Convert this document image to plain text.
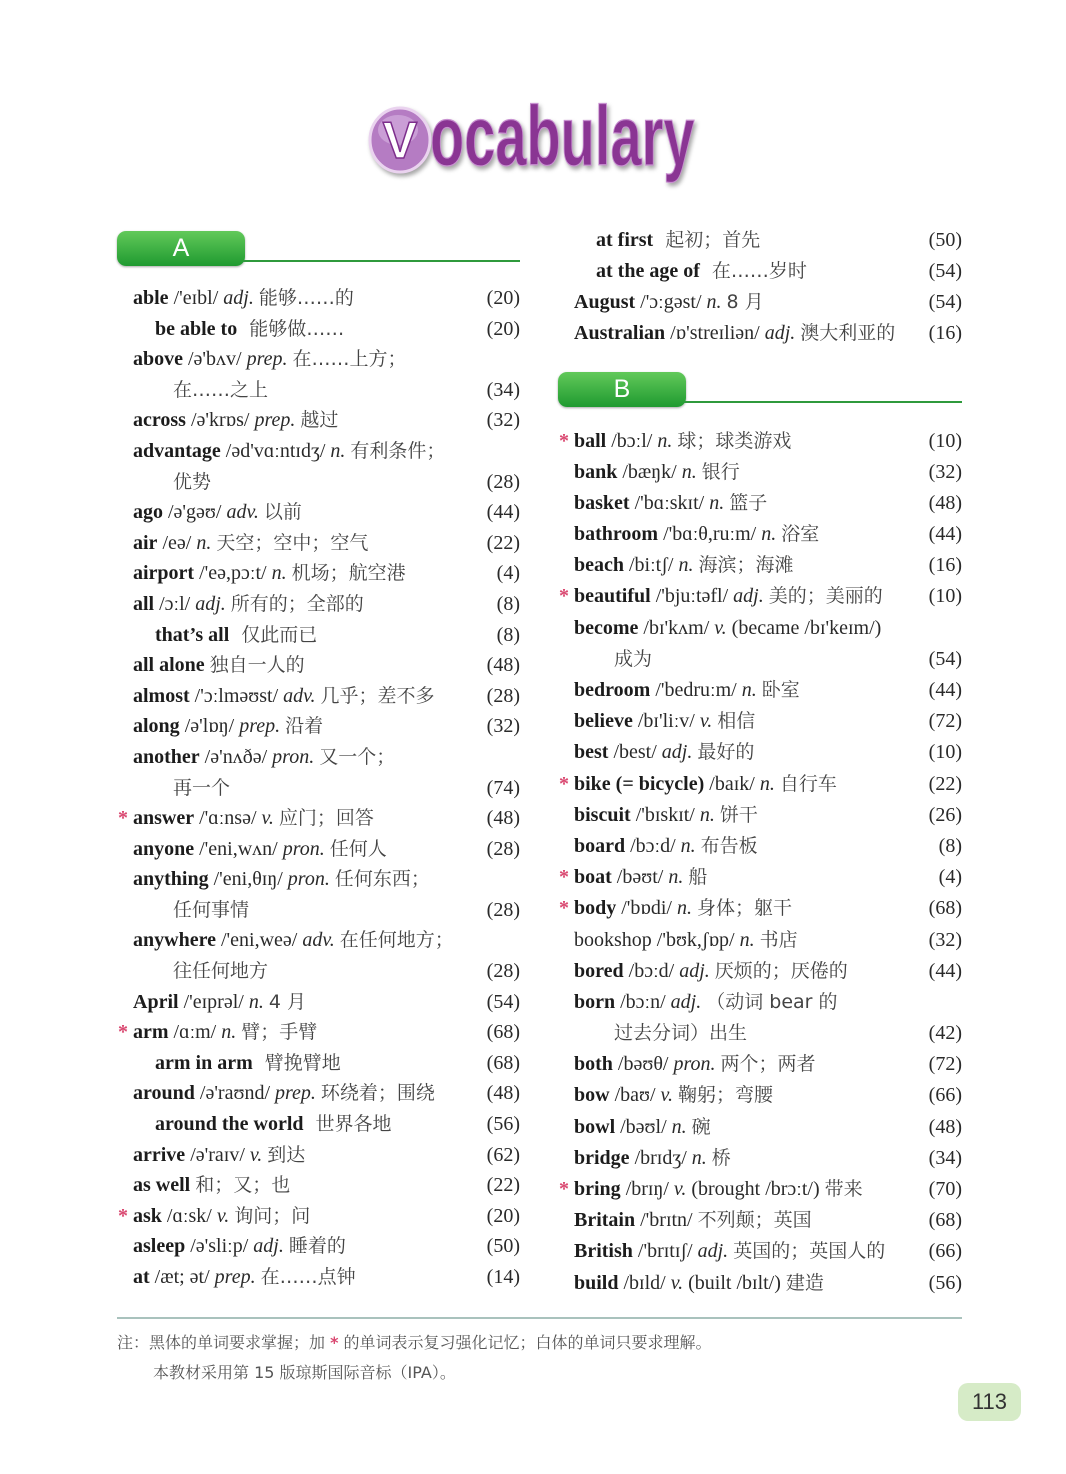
V ocabulary
A
able /'eɪbl/ adj. 能够……的	(20)
be able to 能够做……	(20)
above /ə'bʌv/ prep. 在……上方；
在……之上	(34)
across /ə'krɒs/ prep. 越过	(32)
advantage /əd'vɑːntɪdʒ/ n. 有利条件；
优势	(28)
ago /ə'gəʊ/ adv. 以前	(44)
air /eə/ n. 天空；空中；空气	(22)
airport /'eə,pɔːt/ n. 机场；航空港	(4)
all /ɔːl/ adj. 所有的；全部的	(8)
that’s all 仅此而已	(8)
all alone 独自一人的	(48)
almost /'ɔːlməʊst/ adv. 几乎；差不多	(28)
along /ə'lɒŋ/ prep. 沿着	(32)
another /ə'nʌðə/ pron. 又一个；
再一个	(74)
* answer /'ɑːnsə/ v. 应门；回答	(48)
anyone /'eni,wʌn/ pron. 任何人	(28)
anything /'eni,θɪŋ/ pron. 任何东西；
任何事情	(28)
anywhere /'eni,weə/ adv. 在任何地方；
往任何地方	(28)
April /'eɪprəl/ n. 4 月	(54)
* arm /ɑːm/ n. 臂；手臂	(68)
arm in arm 臂挽臂地	(68)
around /ə'raʊnd/ prep. 环绕着；围绕	(48)
around the world 世界各地	(56)
arrive /ə'raɪv/ v. 到达	(62)
as well 和；又；也	(22)
* ask /ɑːsk/ v. 询问；问	(20)
asleep /ə'sliːp/ adj. 睡着的	(50)
at /æt; ət/ prep. 在……点钟	(14)
at first 起初；首先	(50)
at the age of 在……岁时	(54)
August /'ɔːgəst/ n. 8 月	(54)
Australian /ɒ'streɪliən/ adj. 澳大利亚的 (16)
B
* ball /bɔːl/ n. 球；球类游戏	(10)
bank /bæŋk/ n. 银行	(32)
basket /'bɑːskɪt/ n. 篮子	(48)
bathroom /'bɑːθ,ruːm/ n. 浴室	(44)
beach /biːtʃ/ n. 海滨；海滩	(16)
* beautiful /'bjuːtəfl/ adj. 美的；美丽的 (10)
become /bɪ'kʌm/ v. (became /bɪ'keɪm/)
成为	(54)
bedroom /'bedruːm/ n. 卧室	(44)
believe /bɪ'liːv/ v. 相信	(72)
best /best/ adj. 最好的	(10)
* bike (= bicycle) /baɪk/ n. 自行车	(22)
biscuit /'bɪskɪt/ n. 饼干	(26)
board /bɔːd/ n. 布告板	(8)
* boat /bəʊt/ n. 船	(4)
* body /'bɒdi/ n. 身体；躯干	(68)
bookshop /'bʊk,ʃɒp/ n. 书店	(32)
bored /bɔːd/ adj. 厌烦的；厌倦的	(44)
born /bɔːn/ adj. （动词 bear 的
过去分词）出生	(42)
both /bəʊθ/ pron. 两个；两者	(72)
bow /baʊ/ v. 鞠躬；弯腰	(66)
bowl /bəʊl/ n. 碗	(48)
bridge /brɪdʒ/ n. 桥	(34)
* bring /brɪŋ/ v. (brought /brɔːt/) 带来	(70)
Britain /'brɪtn/ 不列颠；英国	(68)
British /'brɪtɪʃ/ adj. 英国的；英国人的 (66)
build /bɪld/ v. (built /bɪlt/) 建造	(56)
注：黑体的单词要求掌握；加 * 的单词表示复习强化记忆；白体的单词只要求理解。
本教材采用第 15 版琼斯国际音标（IPA）。
113
